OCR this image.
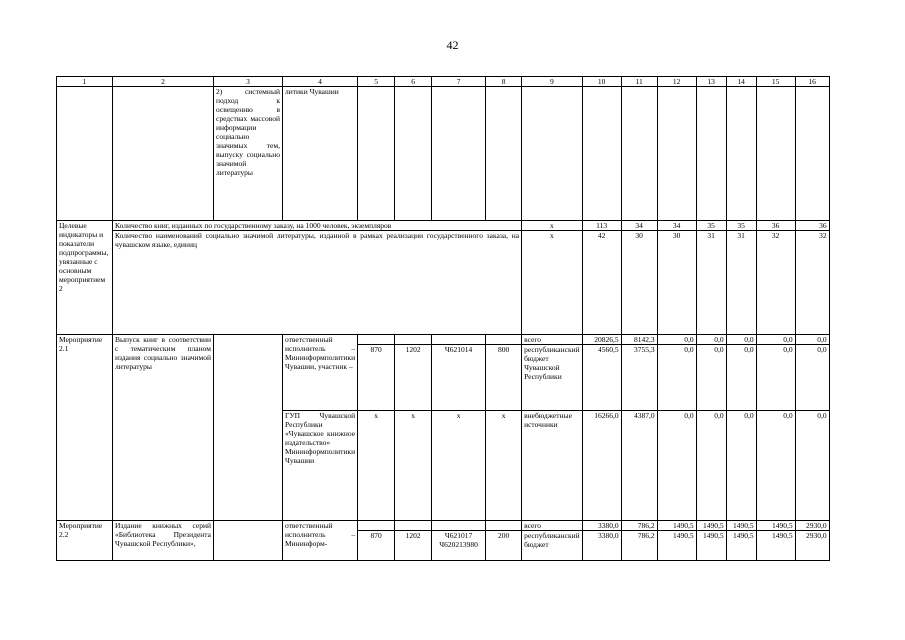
42
1	2	3	4	5	6	7	8	9	10	11	12	13	14	15	16
		2) системный подход к освещению в средствах массовой информации социально значимых тем, выпуску социально значимой литературы	литики Чувашии												
Целевые индикаторы и показатели подпрограммы, увязанные с основным мероприятием 2	Количество книг, изданных по государственному заказу, на 1000 человек, экземпляров							х	113	34	34	35	35	36	36
	Количество наименований социально значимой литературы, изданной в рамках реализации государственного заказа, на чувашском языке, единиц							х	42	30	30	31	31	32	32
Мероприятие 2.1	Выпуск книг в соответствии с тематическим планом издания социально значимой литературы		ответственный исполнитель – Мининформполитики Чувашии, участник –					всего	20826,5	8142,3	0,0	0,0	0,0	0,0	0,0
				870	1202	Ч621014	800	республиканский бюджет Чувашской Республики	4560,5	3755,3	0,0	0,0	0,0	0,0	0,0
			ГУП Чувашской Республики «Чувашское книжное издательство» Мининформполитики Чувашии	х	х	х	х	внебюджетные источники	16266,0	4387,0	0,0	0,0	0,0	0,0	0,0
Мероприятие 2.2	Издание книжных серий «Библиотека Президента Чувашской Республики»,		ответственный исполнитель – Мининформ-					всего	3380,0	786,2	1490,5	1490,5	1490,5	1490,5	2930,0
				870	1202	Ч621017 Ч620213980	200	республиканский бюджет	3380,0	786,2	1490,5	1490,5	1490,5	1490,5	2930,0
